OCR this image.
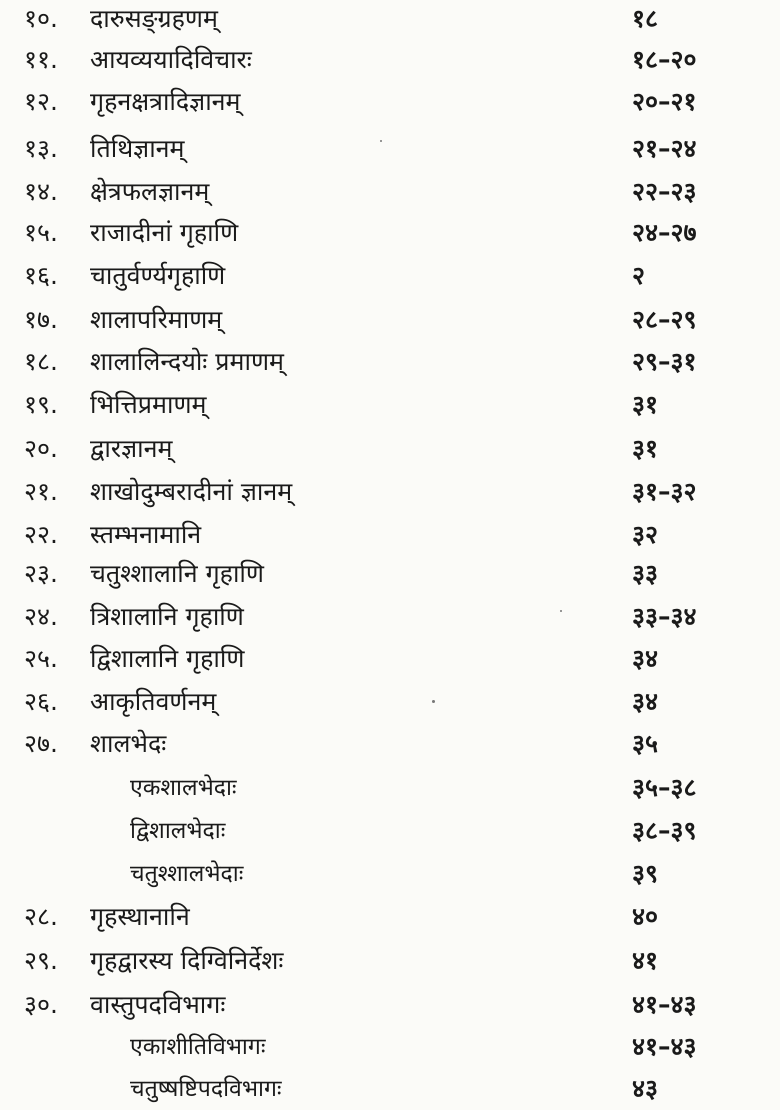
१०.	दारुसङ्ग्रहणम्	१८
११.	आयव्ययादिविचारः	१८–२०
१२.	गृहनक्षत्रादिज्ञानम्	२०–२१
१३.	तिथिज्ञानम्	२१–२४
१४.	क्षेत्रफलज्ञानम्	२२–२३
१५.	राजादीनां गृहाणि	२४–२७
१६.	चातुर्वर्ण्यगृहाणि	२
१७.	शालापरिमाणम्	२८–२९
१८.	शालालिन्दयोः प्रमाणम्	२९–३१
१९.	भित्तिप्रमाणम्	३१
२०.	द्वारज्ञानम्	३१
२१.	शाखोदुम्बरादीनां ज्ञानम्	३१–३२
२२.	स्तम्भनामानि	३२
२३.	चतुश्शालानि गृहाणि	३३
२४.	त्रिशालानि गृहाणि	३३–३४
२५.	द्विशालानि गृहाणि	३४
२६.	आकृतिवर्णनम्	३४
२७.	शालभेदः	३५
एकशालभेदाः	३५–३८
द्विशालभेदाः	३८–३९
चतुश्शालभेदाः	३९
२८.	गृहस्थानानि	४०
२९.	गृहद्वारस्य दिग्विनिर्देशः	४१
३०.	वास्तुपदविभागः	४१–४३
एकाशीतिविभागः	४१–४३
चतुष्षष्टिपदविभागः	४३
